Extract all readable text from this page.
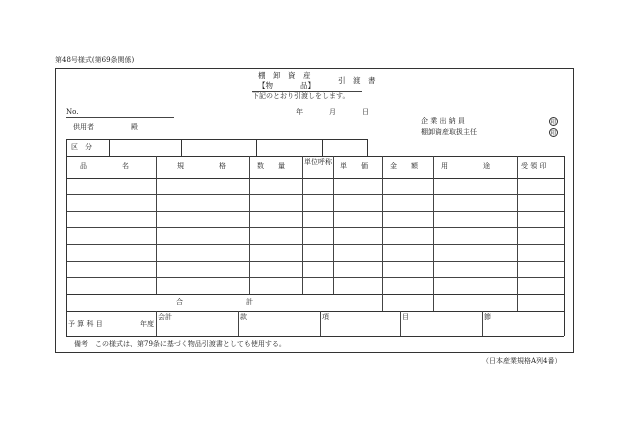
第48号様式(第69条関係)
棚　卸　資　産
【物	品】
引　渡　書
下記のとおり引渡しをします。
No.	年	月	日
供用者	殿
企 業 出 納 員	印
棚卸資産取扱主任	印
区　分
品　　　　　名	規　　　　　格	数　　量	単位呼称 単　　価	金　　額	用　　　　　途	受 領 印
合　　　　　　　　　計
予 算 科 目	年度
会計	款	項	目	節
備考　この様式は、第79条に基づく物品引渡書としても使用する。
（日本産業規格A列4番）
